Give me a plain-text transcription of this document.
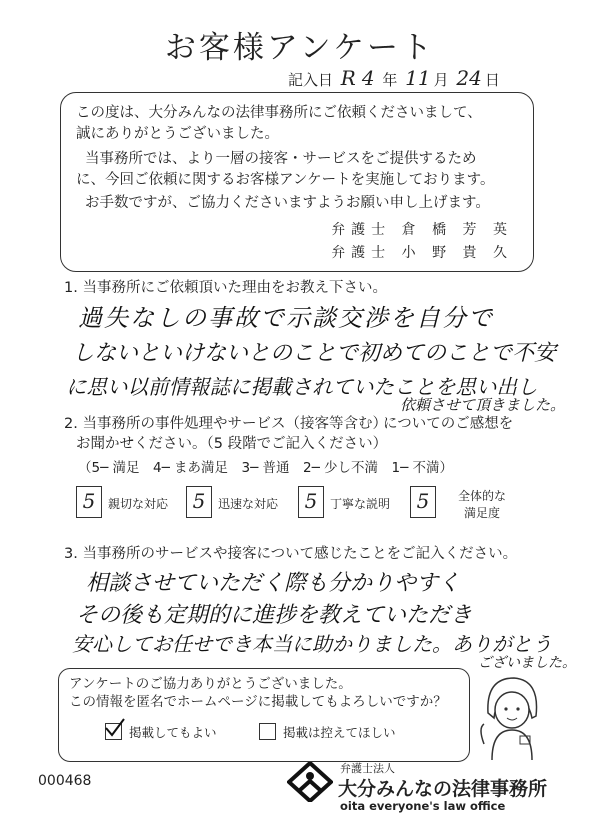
お客様アンケート
記入日 R 4 年 11 月 24 日

この度は、大分みんなの法律事務所にご依頼くださいまして、

誠にありがとうございました。

当事務所では、より一層の接客・サービスをご提供するため

に、今回ご依頼に関するお客様アンケートを実施しております。

お手数ですが、ご協力くださいますようお願い申し上げます。

弁護士 倉 橋 芳 英
弁護士 小 野 貴 久
1. 当事務所にご依頼頂いた理由をお教え下さい。
過失なしの事故で示談交渉を自分で
しないといけないとのことで初めてのことで不安
に思い以前情報誌に掲載されていたことを思い出し
依頼させて頂きました。
2. 当事務所の事件処理やサービス（接客等含む）
についてのご感想を
お聞かせください。（5 段階でご記入ください）
（5─ 満足　4─ まあ満足　3─ 普通　2─ 少し不満　1─ 不満）
5	親切な対応	5	迅速な対応	5	丁寧な説明	5	全体的な
満足度
3. 当事務所のサービスや接客について感じたことをご記入ください。
相談させていただく際も分かりやすく
その後も定期的に進捗を教えていただき
安心してお任せでき本当に助かりました。ありがとう
ございました。

アンケートのご協力ありがとうございました。

この情報を匿名でホームページに掲載してもよろしいですか？

掲載してもよい	掲載は控えてほしい

000468
弁護士法人
大分みんなの法律事務所
oita everyone's law office
